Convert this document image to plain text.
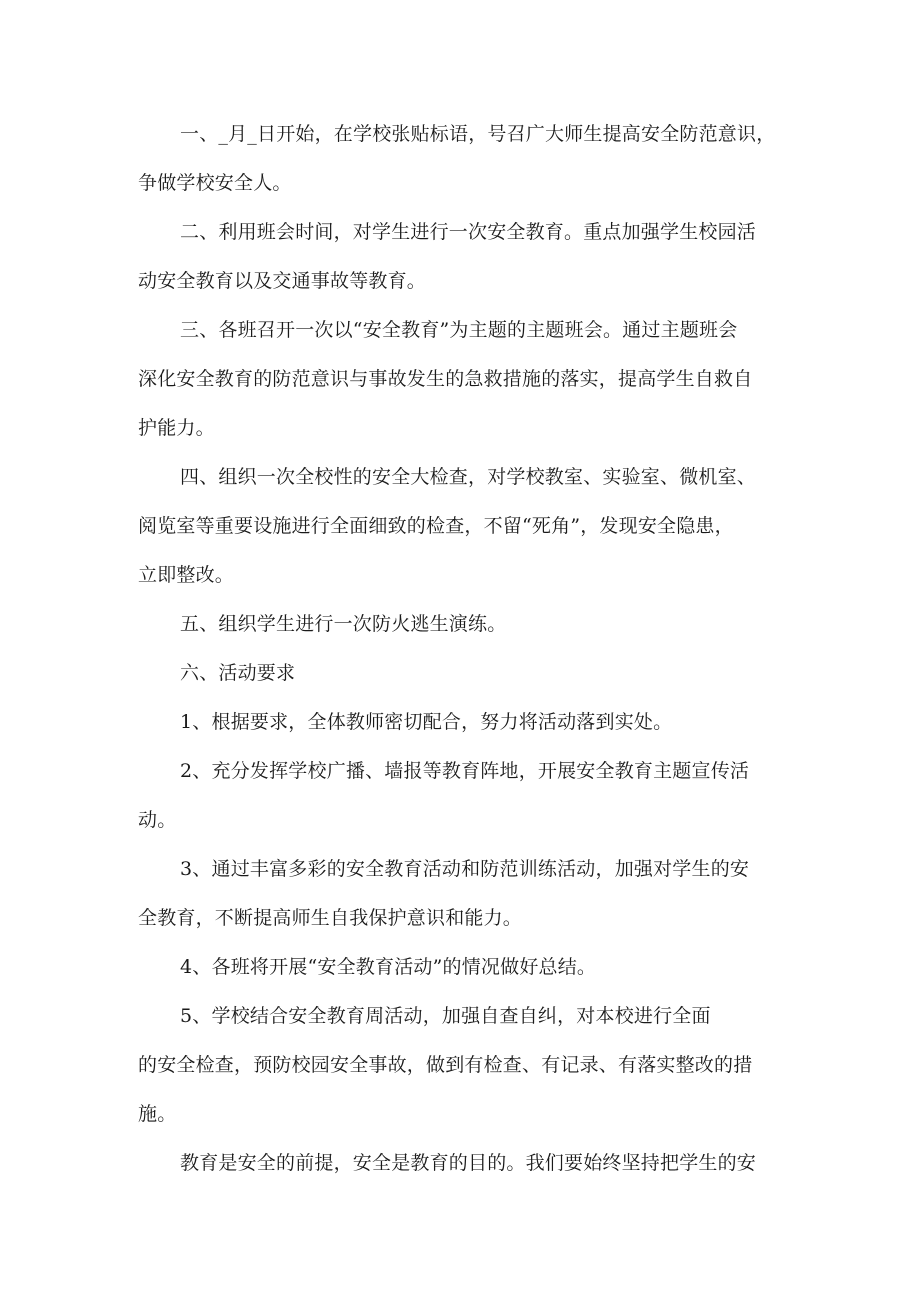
一、_月_日开始，在学校张贴标语，号召广大师生提高安全防范意识，
争做学校安全人。
二、利用班会时间，对学生进行一次安全教育。重点加强学生校园活
动安全教育以及交通事故等教育。
三、各班召开一次以“安全教育”为主题的主题班会。通过主题班会
深化安全教育的防范意识与事故发生的急救措施的落实，提高学生自救自
护能力。
四、组织一次全校性的安全大检查，对学校教室、实验室、微机室、
阅览室等重要设施进行全面细致的检查，不留“死角”，发现安全隐患，
立即整改。
五、组织学生进行一次防火逃生演练。
六、活动要求
1、根据要求，全体教师密切配合，努力将活动落到实处。
2、充分发挥学校广播、墙报等教育阵地，开展安全教育主题宣传活
动。
3、通过丰富多彩的安全教育活动和防范训练活动，加强对学生的安
全教育，不断提高师生自我保护意识和能力。
4、各班将开展“安全教育活动”的情况做好总结。
5、学校结合安全教育周活动，加强自查自纠，对本校进行全面
的安全检查，预防校园安全事故，做到有检查、有记录、有落实整改的措
施。
教育是安全的前提，安全是教育的目的。我们要始终坚持把学生的安
